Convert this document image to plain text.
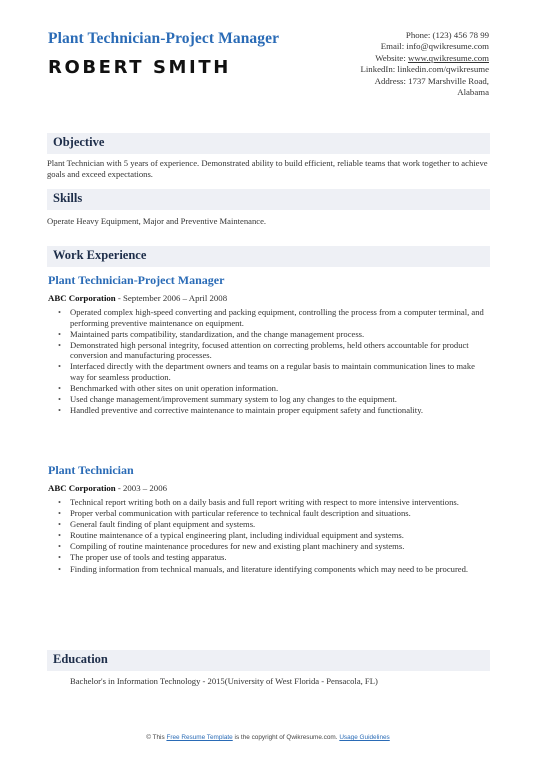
Plant Technician-Project Manager
ROBERT SMITH
Phone: (123) 456 78 99
Email: info@qwikresume.com
Website: www.qwikresume.com
LinkedIn: linkedin.com/qwikresume
Address: 1737 Marshville Road,
Alabama
Objective
Plant Technician with 5 years of experience. Demonstrated ability to build efficient, reliable teams that work together to achieve goals and exceed expectations.
Skills
Operate Heavy Equipment, Major and Preventive Maintenance.
Work Experience
Plant Technician-Project Manager
ABC Corporation - September 2006 – April 2008
• Operated complex high-speed converting and packing equipment, controlling the process from a computer terminal, and performing preventive maintenance on equipment.
• Maintained parts compatibility, standardization, and the change management process.
• Demonstrated high personal integrity, focused attention on correcting problems, held others accountable for product conversion and manufacturing processes.
• Interfaced directly with the department owners and teams on a regular basis to maintain communication lines to make way for seamless production.
• Benchmarked with other sites on unit operation information.
• Used change management/improvement summary system to log any changes to the equipment.
• Handled preventive and corrective maintenance to maintain proper equipment safety and functionality.
Plant Technician
ABC Corporation - 2003 – 2006
• Technical report writing both on a daily basis and full report writing with respect to more intensive interventions.
• Proper verbal communication with particular reference to technical fault description and situations.
• General fault finding of plant equipment and systems.
• Routine maintenance of a typical engineering plant, including individual equipment and systems.
• Compiling of routine maintenance procedures for new and existing plant machinery and systems.
• The proper use of tools and testing apparatus.
• Finding information from technical manuals, and literature identifying components which may need to be procured.
Education
Bachelor's in Information Technology - 2015(University of West Florida - Pensacola, FL)
© This Free Resume Template is the copyright of Qwikresume.com. Usage Guidelines
